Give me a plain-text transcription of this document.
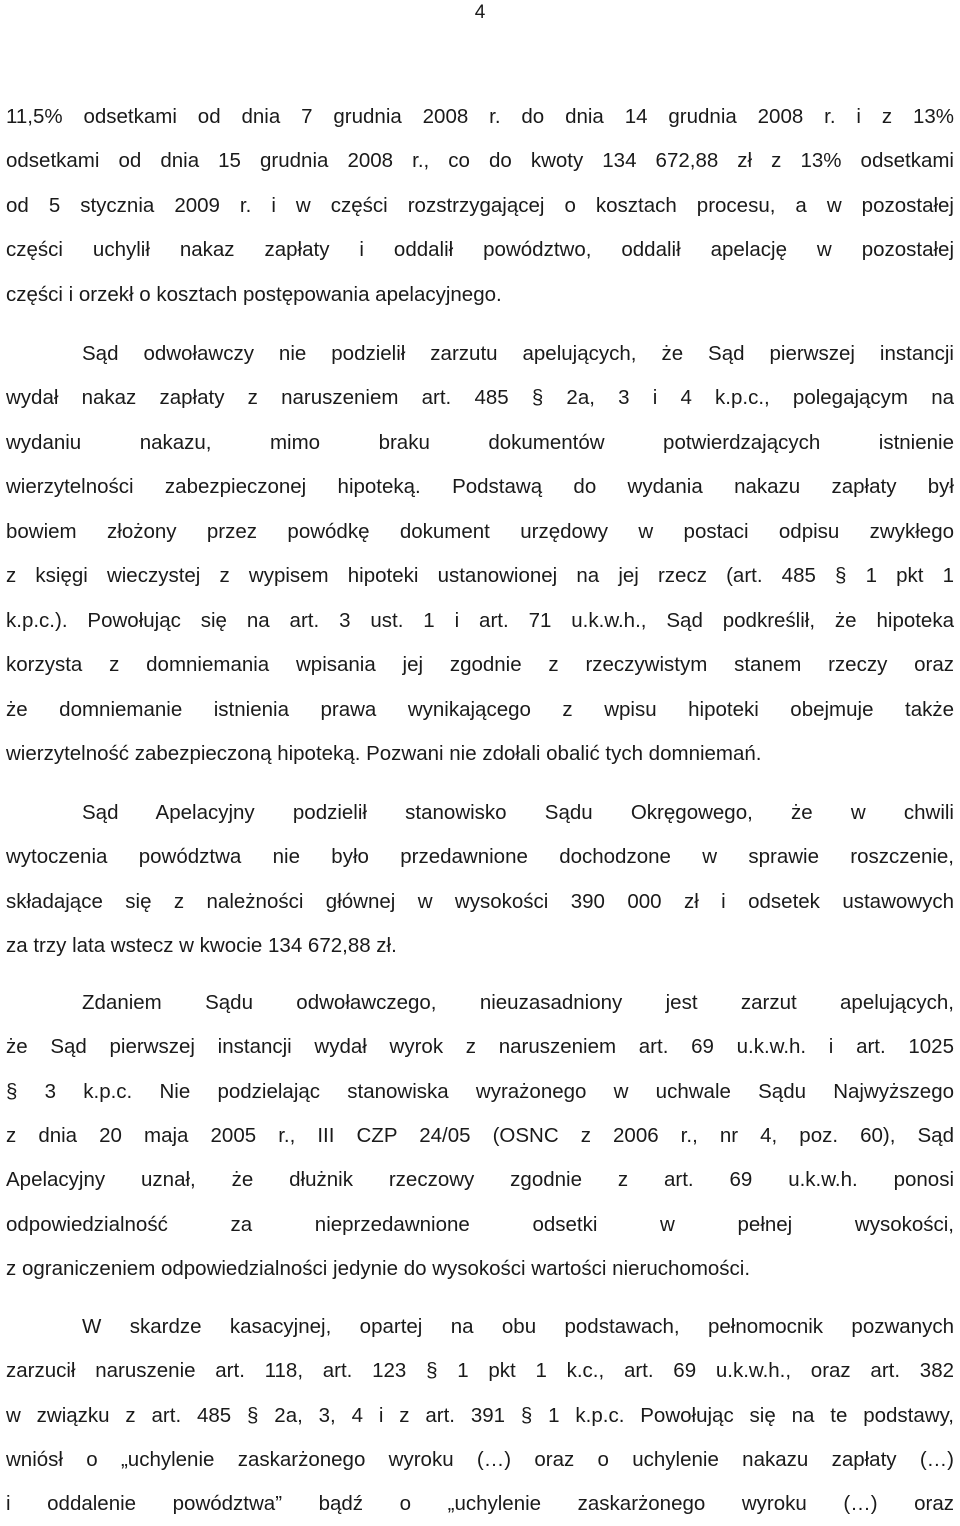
4
11,5% odsetkami od dnia 7 grudnia 2008 r. do dnia 14 grudnia 2008 r. i z 13%
odsetkami od dnia 15 grudnia 2008 r., co do kwoty 134 672,88 zł z 13% odsetkami
od 5 stycznia 2009 r. i w części rozstrzygającej o kosztach procesu, a w pozostałej
części uchylił nakaz zapłaty i oddalił powództwo, oddalił apelację w pozostałej
części i orzekł o kosztach postępowania apelacyjnego.
Sąd odwoławczy nie podzielił zarzutu apelujących, że Sąd pierwszej instancji
wydał nakaz zapłaty z naruszeniem art. 485 § 2a, 3 i 4 k.p.c., polegającym na
wydaniu nakazu, mimo braku dokumentów potwierdzających istnienie
wierzytelności zabezpieczonej hipoteką. Podstawą do wydania nakazu zapłaty był
bowiem złożony przez powódkę dokument urzędowy w postaci odpisu zwykłego
z księgi wieczystej z wypisem hipoteki ustanowionej na jej rzecz (art. 485 § 1 pkt 1
k.p.c.). Powołując się na art. 3 ust. 1 i art. 71 u.k.w.h., Sąd podkreślił, że hipoteka
korzysta z domniemania wpisania jej zgodnie z rzeczywistym stanem rzeczy oraz
że domniemanie istnienia prawa wynikającego z wpisu hipoteki obejmuje także
wierzytelność zabezpieczoną hipoteką. Pozwani nie zdołali obalić tych domniemań.
Sąd Apelacyjny podzielił stanowisko Sądu Okręgowego, że w chwili
wytoczenia powództwa nie było przedawnione dochodzone w sprawie roszczenie,
składające się z należności głównej w wysokości 390 000 zł i odsetek ustawowych
za trzy lata wstecz w kwocie 134 672,88 zł.
Zdaniem Sądu odwoławczego, nieuzasadniony jest zarzut apelujących,
że Sąd pierwszej instancji wydał wyrok z naruszeniem art. 69 u.k.w.h. i art. 1025
§ 3 k.p.c. Nie podzielając stanowiska wyrażonego w uchwale Sądu Najwyższego
z dnia 20 maja 2005 r., III CZP 24/05 (OSNC z 2006 r., nr 4, poz. 60), Sąd
Apelacyjny uznał, że dłużnik rzeczowy zgodnie z art. 69 u.k.w.h. ponosi
odpowiedzialność za nieprzedawnione odsetki w pełnej wysokości,
z ograniczeniem odpowiedzialności jedynie do wysokości wartości nieruchomości.
W skardze kasacyjnej, opartej na obu podstawach, pełnomocnik pozwanych
zarzucił naruszenie art. 118, art. 123 § 1 pkt 1 k.c., art. 69 u.k.w.h., oraz art. 382
w związku z art. 485 § 2a, 3, 4 i z art. 391 § 1 k.p.c. Powołując się na te podstawy,
wniósł o „uchylenie zaskarżonego wyroku (…) oraz o uchylenie nakazu zapłaty (…)
i oddalenie powództwa” bądź o „uchylenie zaskarżonego wyroku (…) oraz
